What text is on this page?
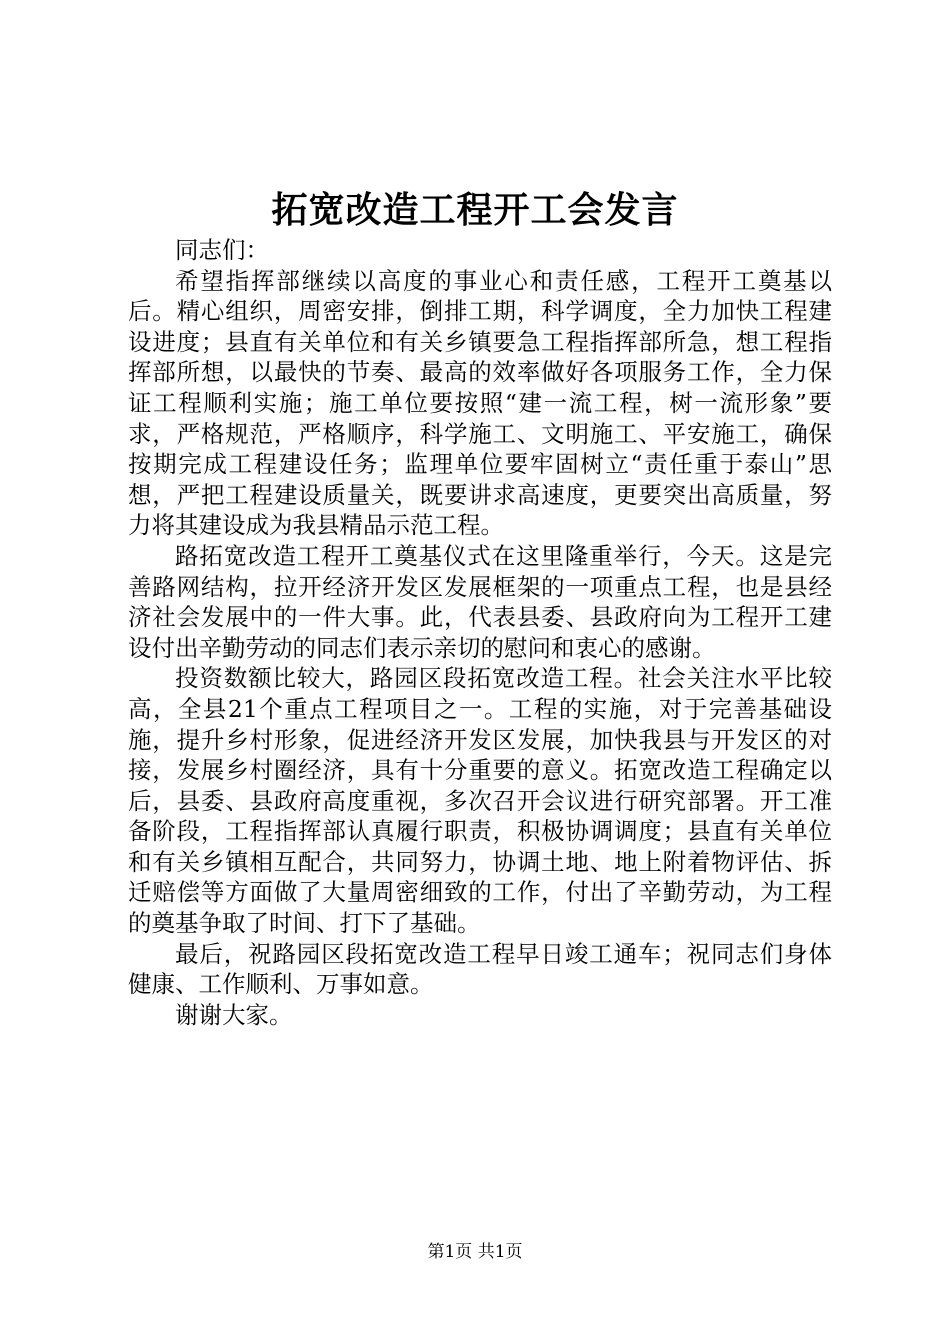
拓宽改造工程开工会发言

同志们：

希望指挥部继续以高度的事业心和责任感，工程开工奠基以后。精心组织，周密安排，倒排工期，科学调度，全力加快工程建设进度；县直有关单位和有关乡镇要急工程指挥部所急，想工程指挥部所想，以最快的节奏、最高的效率做好各项服务工作，全力保证工程顺利实施；施工单位要按照“建一流工程，树一流形象”要求，严格规范，严格顺序，科学施工、文明施工、平安施工，确保按期完成工程建设任务；监理单位要牢固树立“责任重于泰山”思想，严把工程建设质量关，既要讲求高速度，更要突出高质量，努力将其建设成为我县精品示范工程。

路拓宽改造工程开工奠基仪式在这里隆重举行，今天。这是完善路网结构，拉开经济开发区发展框架的一项重点工程，也是县经济社会发展中的一件大事。此，代表县委、县政府向为工程开工建设付出辛勤劳动的同志们表示亲切的慰问和衷心的感谢。

投资数额比较大，路园区段拓宽改造工程。社会关注水平比较高，全县21个重点工程项目之一。工程的实施，对于完善基础设施，提升乡村形象，促进经济开发区发展，加快我县与开发区的对接，发展乡村圈经济，具有十分重要的意义。拓宽改造工程确定以后，县委、县政府高度重视，多次召开会议进行研究部署。开工准备阶段，工程指挥部认真履行职责，积极协调调度；县直有关单位和有关乡镇相互配合，共同努力，协调土地、地上附着物评估、拆迁赔偿等方面做了大量周密细致的工作，付出了辛勤劳动，为工程的奠基争取了时间、打下了基础。

最后，祝路园区段拓宽改造工程早日竣工通车；祝同志们身体健康、工作顺利、万事如意。

谢谢大家。

第1页 共1页
